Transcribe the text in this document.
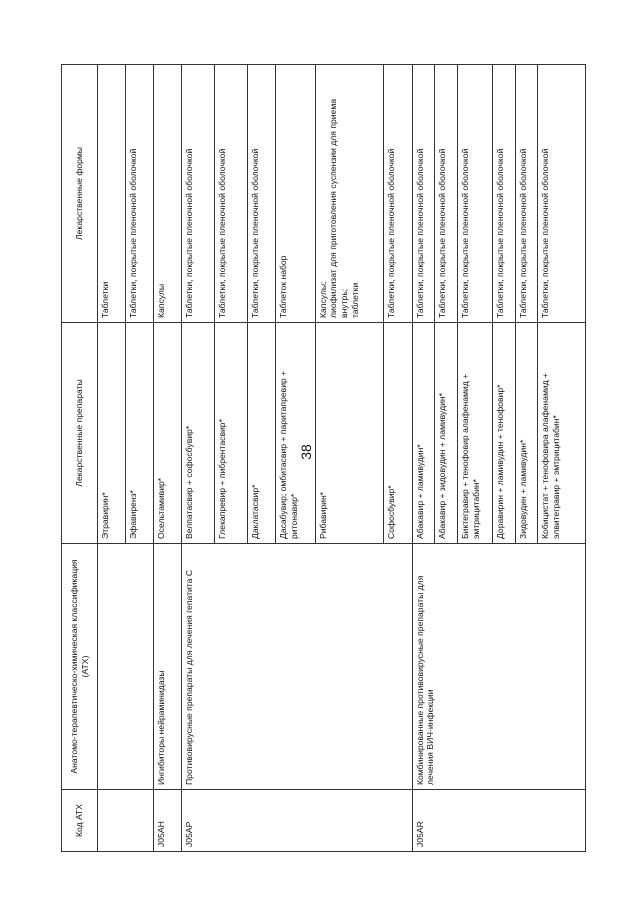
38
Код АТХ	Анатомо-терапевтическо-химическая классификация (АТХ)	Лекарственные препараты	Лекарственные формы
		Этравирин*	Таблетки
		Эфавиренз*	Таблетки, покрытые пленочной оболочкой
J05AH	Ингибиторы нейраминидазы	Осельтамивир*	Капсулы
J05AP	Противовирусные препараты для лечения гепатита С	Велпатасвир + софосбувир*	Таблетки, покрытые пленочной оболочкой
		Глекапревир + пибрентасвир*	Таблетки, покрытые пленочной оболочкой
		Даклатасвир*	Таблетки, покрытые пленочной оболочкой
		Дасабувир; омбитасвир + паритапревир + ритонавир*	Таблеток набор
		Рибавирин*	Капсулы;
лиофилизат для приготовления суспензии для приема внутрь;
таблетки
		Софосбувир*	Таблетки, покрытые пленочной оболочкой
J05AR	Комбинированные противовирусные препараты для лечения ВИЧ-инфекции	Абакавир + ламивудин*	Таблетки, покрытые пленочной оболочкой
		Абакавир + зидовудин + ламивудин*	Таблетки, покрытые пленочной оболочкой
		Биктегравир + тенофовир алафенамид + эмтрицитабин*	Таблетки, покрытые пленочной оболочкой
		Доравирин + ламивудин + тенофовир*	Таблетки, покрытые пленочной оболочкой
		Зидовудин + ламивудин*	Таблетки, покрытые пленочной оболочкой
		Кобицистат + тенофовира алафенамид + элвитегравир + эмтрицитабин*	Таблетки, покрытые пленочной оболочкой
